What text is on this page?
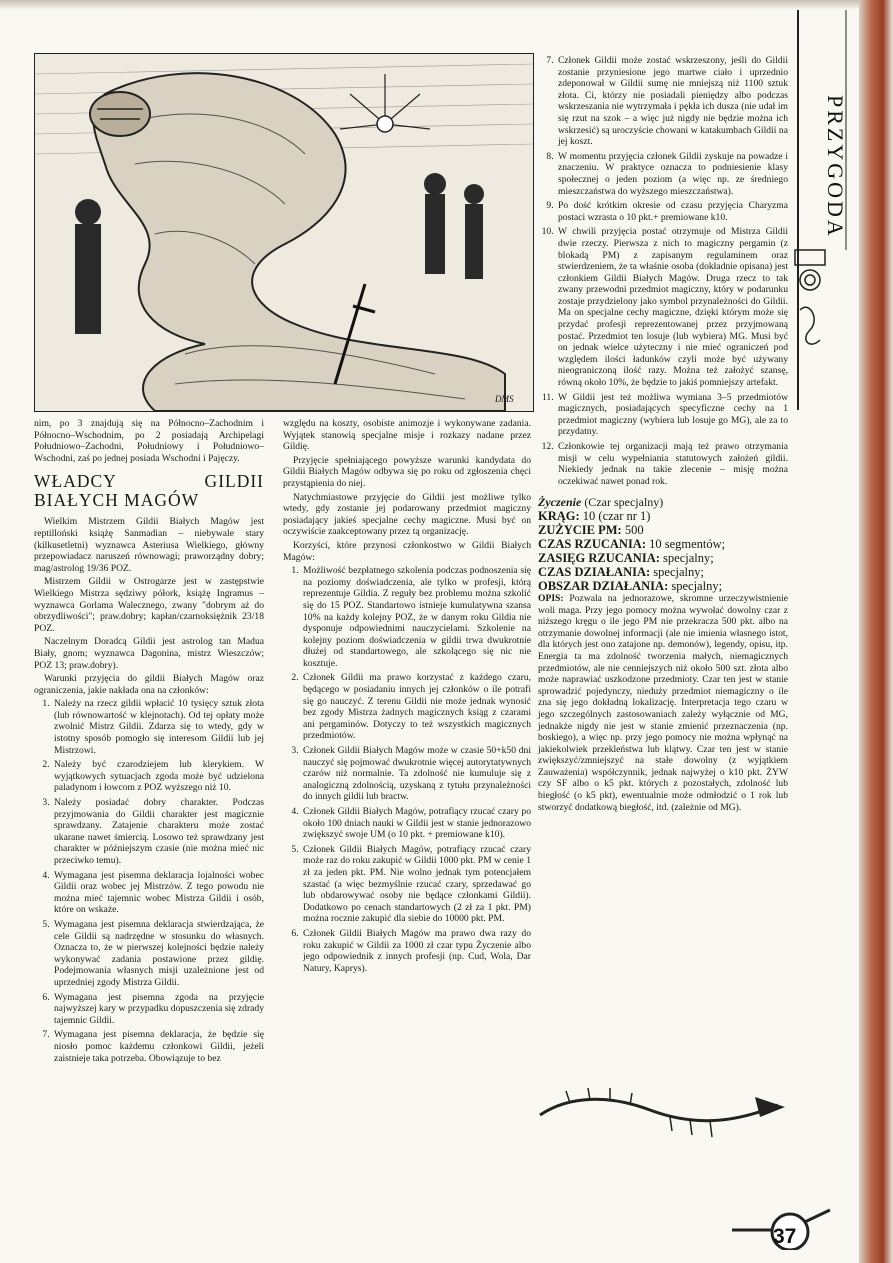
DMS
PRZYGODA

nim, po 3 znajdują się na Północno–Zachodnim i Północno–Wschodnim, po 2 posiadają Archipelagi Południowo–Zachodni, Południowy i Południowo–Wschodni, zaś po jednej posiada Wschodni i Pajęczy.

WŁADCY GILDII BIAŁYCH MAGÓW

Wielkim Mistrzem Gildii Białych Magów jest reptilloński książę Sanmadian – niebywale stary (kilkusetletni) wyznawca Asteriusa Wielkiego, główny przepowiadacz naruszeń równowagi; praworządny dobry; mag/astrolog 19/36 POZ.

Mistrzem Gildii w Ostrogarze jest w zastępstwie Wielkiego Mistrza sędziwy półork, książę Ingramus – wyznawca Gorlama Walecznego, zwany "dobrym aż do obrzydliwości"; praw.dobry; kapłan/czarnoksiężnik 23/18 POZ.

Naczelnym Doradcą Gildii jest astrolog tan Madua Biały, gnom; wyznawca Dagonina, mistrz Wieszczów; POZ 13; praw.dobry).

Warunki przyjęcia do gildii Białych Magów oraz ograniczenia, jakie nakłada ona na członków:

1. Należy na rzecz gildii wpłacić 10 tysięcy sztuk złota (lub równowartość w klejnotach). Od tej opłaty może zwolnić Mistrz Gildii. Zdarza się to wtedy, gdy w istotny sposób pomogło się interesom Gildii lub jej Mistrzowi.
2. Należy być czarodziejem lub klerykiem. W wyjątkowych sytuacjach zgoda może być udzielona paladynom i łowcom z POZ wyższego niż 10.
3. Należy posiadać dobry charakter. Podczas przyjmowania do Gildii charakter jest magicznie sprawdzany. Zatajenie charakteru może zostać ukarane nawet śmiercią. Losowo też sprawdzany jest charakter w późniejszym czasie (nie można mieć nic przeciwko temu).
4. Wymagana jest pisemna deklaracja lojalności wobec Gildii oraz wobec jej Mistrzów. Z tego powodu nie można mieć tajemnic wobec Mistrza Gildii i osób, które on wskaże.
5. Wymagana jest pisemna deklaracja stwierdzająca, że cele Gildii są nadrzędne w stosunku do własnych. Oznacza to, że w pierwszej kolejności będzie należy wykonywać zadania postawione przez gildię. Podejmowania własnych misji uzależnione jest od uprzedniej zgody Mistrza Gildii.
6. Wymagana jest pisemna zgoda na przyjęcie najwyższej kary w przypadku dopuszczenia się zdrady tajemnic Gildii.
7. Wymagana jest pisemna deklaracja, że będzie się niosło pomoc każdemu członkowi Gildii, jeżeli zaistnieje taka potrzeba. Obowiązuje to bez

względu na koszty, osobiste animozje i wykonywane zadania. Wyjątek stanowią specjalne misje i rozkazy nadane przez Gildię.

Przyjęcie spełniającego powyższe warunki kandydata do Gildii Białych Magów odbywa się po roku od zgłoszenia chęci przystąpienia do niej.

Natychmiastowe przyjęcie do Gildii jest możliwe tylko wtedy, gdy zostanie jej podarowany przedmiot magiczny posiadający jakieś specjalne cechy magiczne. Musi być on oczywiście zaakceptowany przez tą organizację.

Korzyści, które przynosi członkostwo w Gildii Białych Magów:

1. Możliwość bezpłatnego szkolenia podczas podnoszenia się na poziomy doświadczenia, ale tylko w profesji, którą reprezentuje Gildia. Z reguły bez problemu można szkolić się do 15 POZ. Standartowo istnieje kumulatywna szansa 10% na każdy kolejny POZ, że w danym roku Gildia nie dysponuje odpowiednimi nauczycielami. Szkolenie na kolejny poziom doświadczenia w gildii trwa dwukrotnie dłużej od standartowego, ale szkolącego się nic nie kosztuje.
2. Członek Gildii ma prawo korzystać z każdego czaru, będącego w posiadaniu innych jej członków o ile potrafi się go nauczyć. Z terenu Gildii nie może jednak wynosić bez zgody Mistrza żadnych magicznych ksiąg z czarami ani pergaminów. Dotyczy to też wszystkich magicznych przedmiotów.
3. Członek Gildii Białych Magów może w czasie 50+k50 dni nauczyć się pojmować dwukrotnie więcej autorytatywnych czarów niż normalnie. Ta zdolność nie kumuluje się z analogiczną zdolnością, uzyskaną z tytułu przynależności do innych gildii lub bractw.
4. Członek Gildii Białych Magów, potrafiący rzucać czary po około 100 dniach nauki w Gildii jest w stanie jednorazowo zwiększyć swoje UM (o 10 pkt. + premiowane k10).
5. Członek Gildii Białych Magów, potrafiący rzucać czary może raz do roku zakupić w Gildii 1000 pkt. PM w cenie 1 zł za jeden pkt. PM. Nie wolno jednak tym potencjałem szastać (a więc bezmyślnie rzucać czary, sprzedawać go lub obdarowywać osoby nie będące członkami Gildii). Dodatkowo po cenach standartowych (2 zł za 1 pkt. PM) można rocznie zakupić dla siebie do 10000 pkt. PM.
6. Członek Gildii Białych Magów ma prawo dwa razy do roku zakupić w Gildii za 1000 zł czar typu Życzenie albo jego odpowiednik z innych profesji (np. Cud, Wola, Dar Natury, Kaprys).
7. Członek Gildii może zostać wskrzeszony, jeśli do Gildii zostanie przyniesione jego martwe ciało i uprzednio zdeponował w Gildii sumę nie mniejszą niż 1100 sztuk złota. Ci, którzy nie posiadali pieniędzy albo podczas wskrzeszania nie wytrzymała i pękła ich dusza (nie udał im się rzut na szok – a więc już nigdy nie będzie można ich wskrzesić) są uroczyście chowani w katakumbach Gildii na jej koszt.
8. W momentu przyjęcia członek Gildii zyskuje na powadze i znaczeniu. W praktyce oznacza to podniesienie klasy społecznej o jeden poziom (a więc np. ze średniego mieszczaństwa do wyższego mieszczaństwa).
9. Po dość krótkim okresie od czasu przyjęcia Charyzma postaci wzrasta o 10 pkt.+ premiowane k10.
10. W chwili przyjęcia postać otrzymuje od Mistrza Gildii dwie rzeczy. Pierwsza z nich to magiczny pergamin (z blokadą PM) z zapisanym regulaminem oraz stwierdzeniem, że ta właśnie osoba (dokładnie opisana) jest członkiem Gildii Białych Magów. Druga rzecz to tak zwany przewodni przedmiot magiczny, który w podarunku zostaje przydzielony jako symbol przynależności do Gildii. Ma on specjalne cechy magiczne, dzięki którym może się przydać profesji reprezentowanej przez przyjmowaną postać. Przedmiot ten losuje (lub wybiera) MG. Musi być on jednak wielce użyteczny i nie mieć ograniczeń pod względem ilości ładunków czyli może być używany nieograniczoną ilość razy. Można też założyć szansę, równą około 10%, że będzie to jakiś pomniejszy artefakt.
11. W Gildii jest też możliwa wymiana 3–5 przedmiotów magicznych, posiadających specyficzne cechy na 1 przedmiot magiczny (wybiera lub losuje go MG), ale za to przydatny.
12. Członkowie tej organizacji mają też prawo otrzymania misji w celu wypełniania statutowych założeń gildii. Niekiedy jednak na takie zlecenie – misję można oczekiwać nawet ponad rok.
Życzenie (Czar specjalny)
KRĄG: 10 (czar nr 1)
ZUŻYCIE PM: 500
CZAS RZUCANIA: 10 segmentów;
ZASIĘG RZUCANIA: specjalny;
CZAS DZIAŁANIA: specjalny;
OBSZAR DZIAŁANIA: specjalny;
OPIS: Pozwala na jednorazowe, skromne urzeczywistnienie woli maga. Przy jego pomocy można wywołać dowolny czar z niższego kręgu o ile jego PM nie przekracza 500 pkt. albo na otrzymanie dowolnej informacji (ale nie imienia własnego istot, dla których jest ono zatajone np. demonów), legendy, opisu, itp. Energia ta ma zdolność tworzenia małych, niemagicznych przedmiotów, ale nie cenniejszych niż około 500 szt. złota albo może naprawiać uszkodzone przedmioty. Czar ten jest w stanie sprowadzić pojedynczy, nieduży przedmiot niemagiczny o ile zna się jego dokładną lokalizację. Interpretacja tego czaru w jego szczególnych zastosowaniach zależy wyłącznie od MG, jednakże nigdy nie jest w stanie zmienić przeznaczenia (np. boskiego), a więc np. przy jego pomocy nie można wpłynąć na jakiekolwiek przekleństwa lub klątwy. Czar ten jest w stanie zwiększyć/zmniejszyć na stałe dowolny (z wyjątkiem Zauważenia) współczynnik, jednak najwyżej o k10 pkt. ŻYW czy SF albo o k5 pkt. których z pozostałych, zdolność lub biegłość (o k5 pkt), ewentualnie może odmłodzić o 1 rok lub stworzyć dodatkową biegłość, itd. (zależnie od MG).
37
